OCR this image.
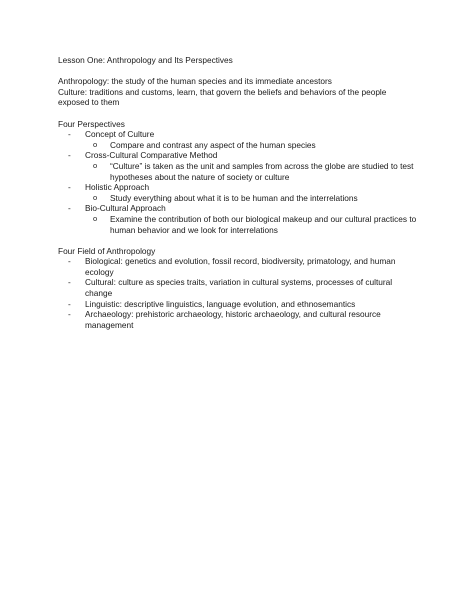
Lesson One: Anthropology and Its Perspectives

Anthropology: the study of the human species and its immediate ancestors

Culture: traditions and customs, learn, that govern the beliefs and behaviors of the people exposed to them

Four Perspectives

- Concept of Culture
o Compare and contrast any aspect of the human species
- Cross-Cultural Comparative Method
o “Culture” is taken as the unit and samples from across the globe are studied to test hypotheses about the nature of society or culture
- Holistic Approach
o Study everything about what it is to be human and the interrelations
- Bio-Cultural Approach
o Examine the contribution of both our biological makeup and our cultural practices to human behavior and we look for interrelations

Four Field of Anthropology

- Biological: genetics and evolution, fossil record, biodiversity, primatology, and human ecology
- Cultural: culture as species traits, variation in cultural systems, processes of cultural change
- Linguistic: descriptive linguistics, language evolution, and ethnosemantics
- Archaeology: prehistoric archaeology, historic archaeology, and cultural resource management
